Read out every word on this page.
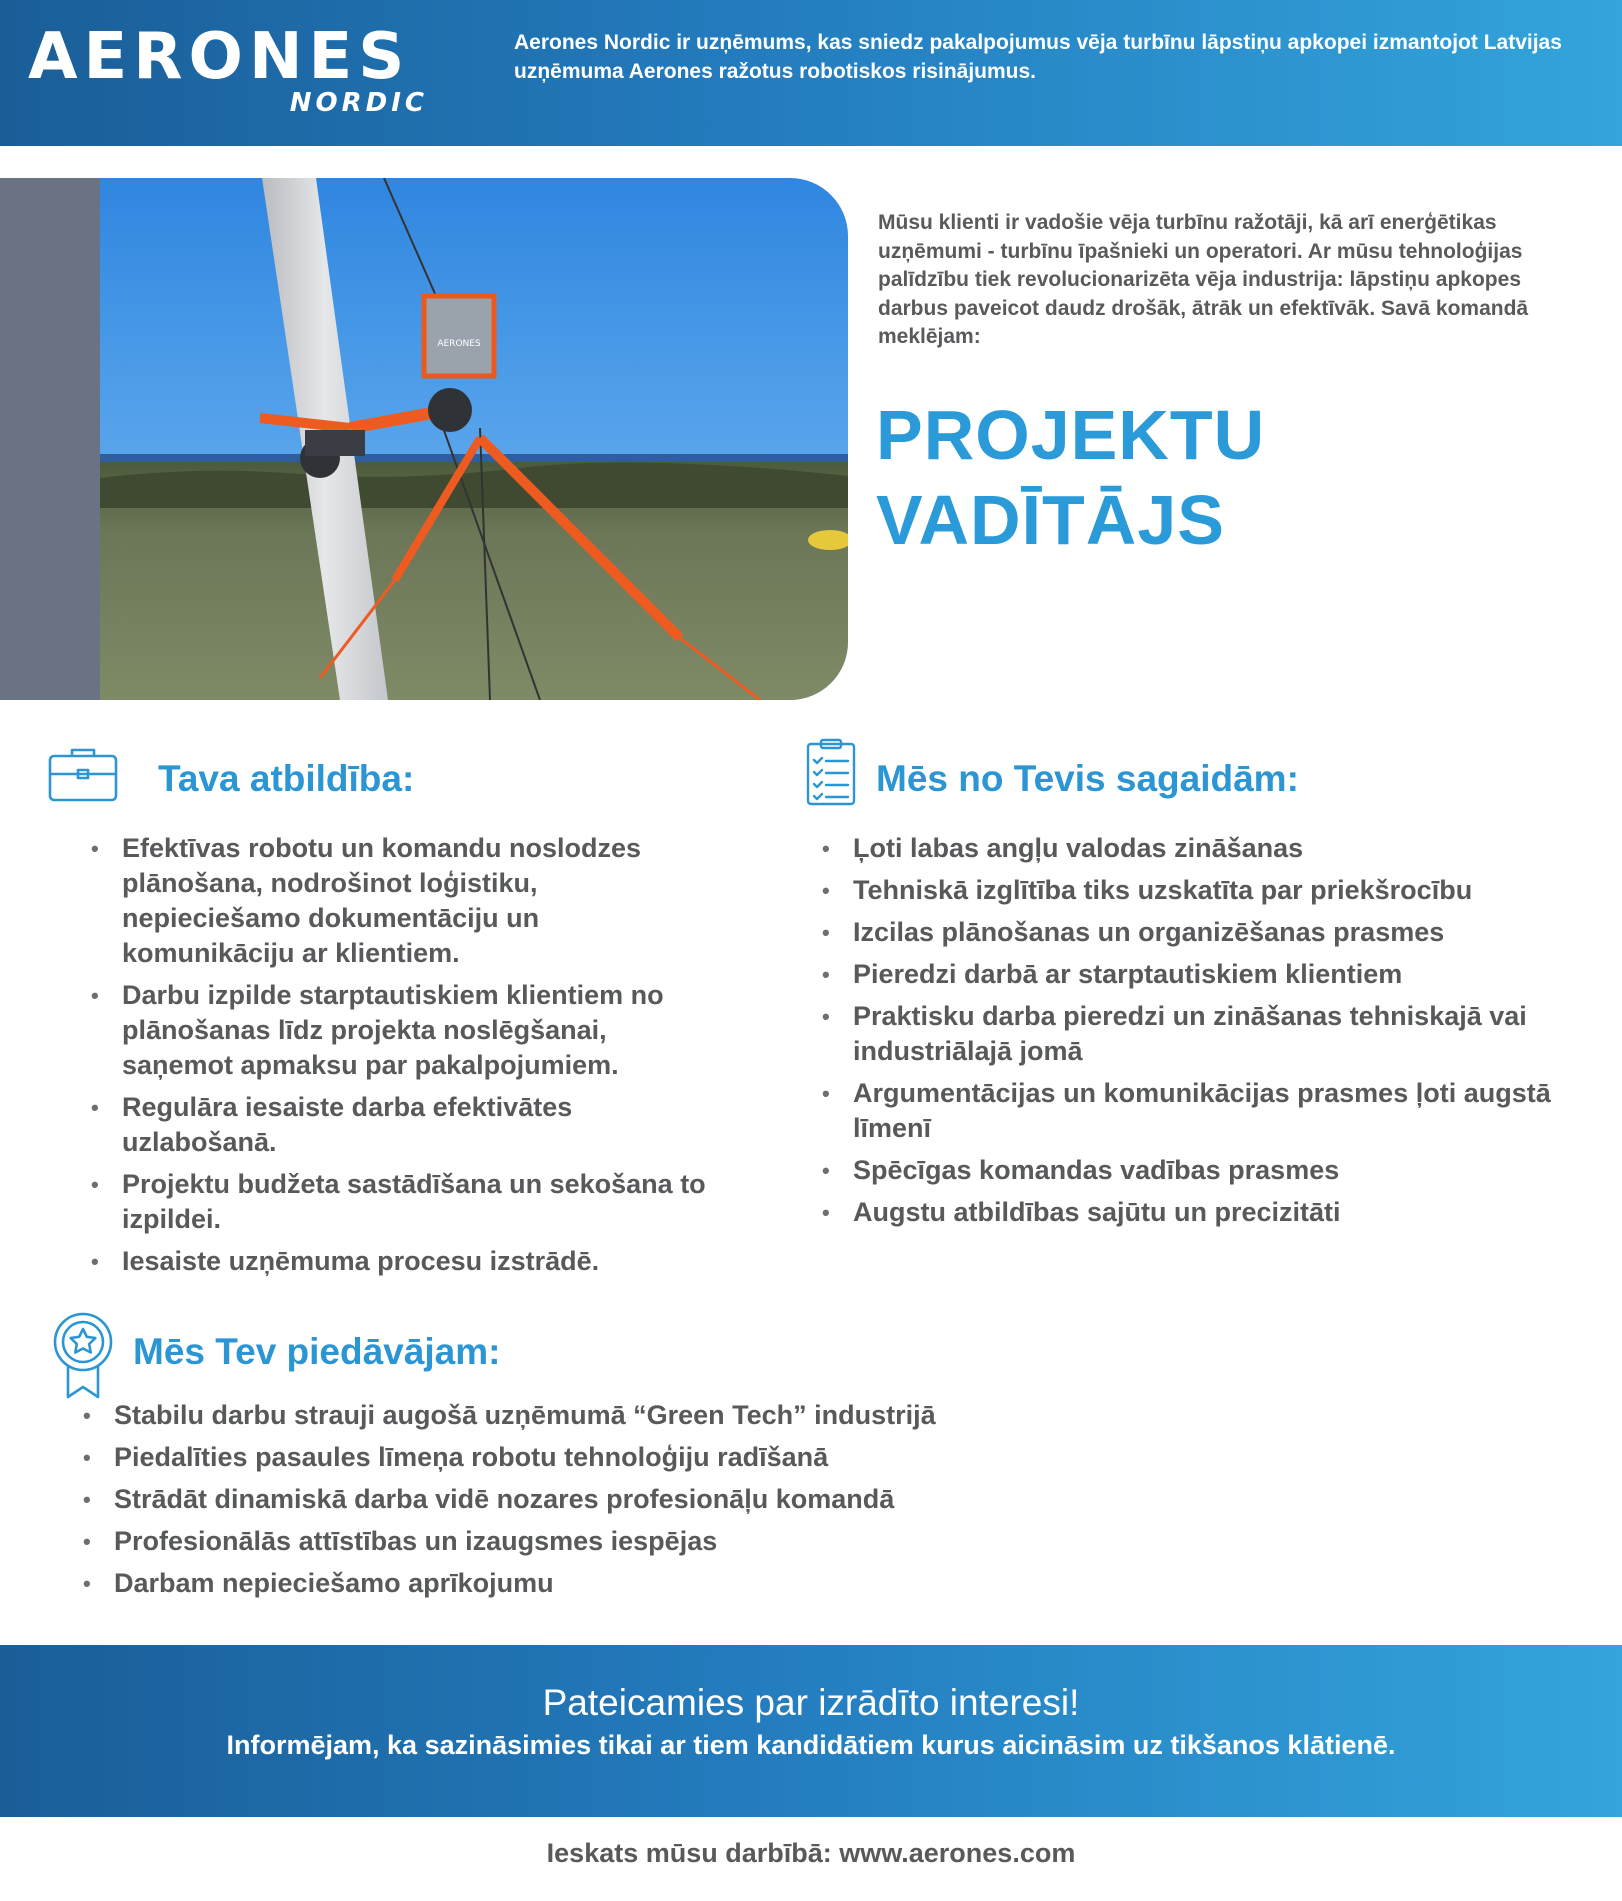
AERONES
NORDIC
Aerones Nordic ir uzņēmums, kas sniedz pakalpojumus vēja turbīnu lāpstiņu apkopei izmantojot Latvijas uzņēmuma Aerones ražotus robotiskos risinājumus.
AERONES
Mūsu klienti ir vadošie vēja turbīnu ražotāji, kā arī enerģētikas uzņēmumi - turbīnu īpašnieki un operatori. Ar mūsu tehnoloģijas palīdzību tiek revolucionarizēta vēja industrija: lāpstiņu apkopes darbus paveicot daudz drošāk, ātrāk un efektīvāk. Savā komandā meklējam:
PROJEKTU
VADĪTĀJS
Tava atbildība:
• Efektīvas robotu un komandu noslodzes plānošana, nodrošinot loģistiku, nepieciešamo dokumentāciju un komunikāciju ar klientiem.
• Darbu izpilde starptautiskiem klientiem no plānošanas līdz projekta noslēgšanai, saņemot apmaksu par pakalpojumiem.
• Regulāra iesaiste darba efektivātes uzlabošanā.
• Projektu budžeta sastādīšana un sekošana to izpildei.
• Iesaiste uzņēmuma procesu izstrādē.
Mēs no Tevis sagaidām:
• Ļoti labas angļu valodas zināšanas
• Tehniskā izglītība tiks uzskatīta par priekšrocību
• Izcilas plānošanas un organizēšanas prasmes
• Pieredzi darbā ar starptautiskiem klientiem
• Praktisku darba pieredzi un zināšanas tehniskajā vai industriālajā jomā
• Argumentācijas un komunikācijas prasmes ļoti augstā līmenī
• Spēcīgas komandas vadības prasmes
• Augstu atbildības sajūtu un precizitāti
Mēs Tev piedāvājam:
• Stabilu darbu strauji augošā uzņēmumā “Green Tech” industrijā
• Piedalīties pasaules līmeņa robotu tehnoloģiju radīšanā
• Strādāt dinamiskā darba vidē nozares profesionāļu komandā
• Profesionālās attīstības un izaugsmes iespējas
• Darbam nepieciešamo aprīkojumu
Pateicamies par izrādīto interesi!
Informējam, ka sazināsimies tikai ar tiem kandidātiem kurus aicināsim uz tikšanos klātienē.
Ieskats mūsu darbībā: www.aerones.com
